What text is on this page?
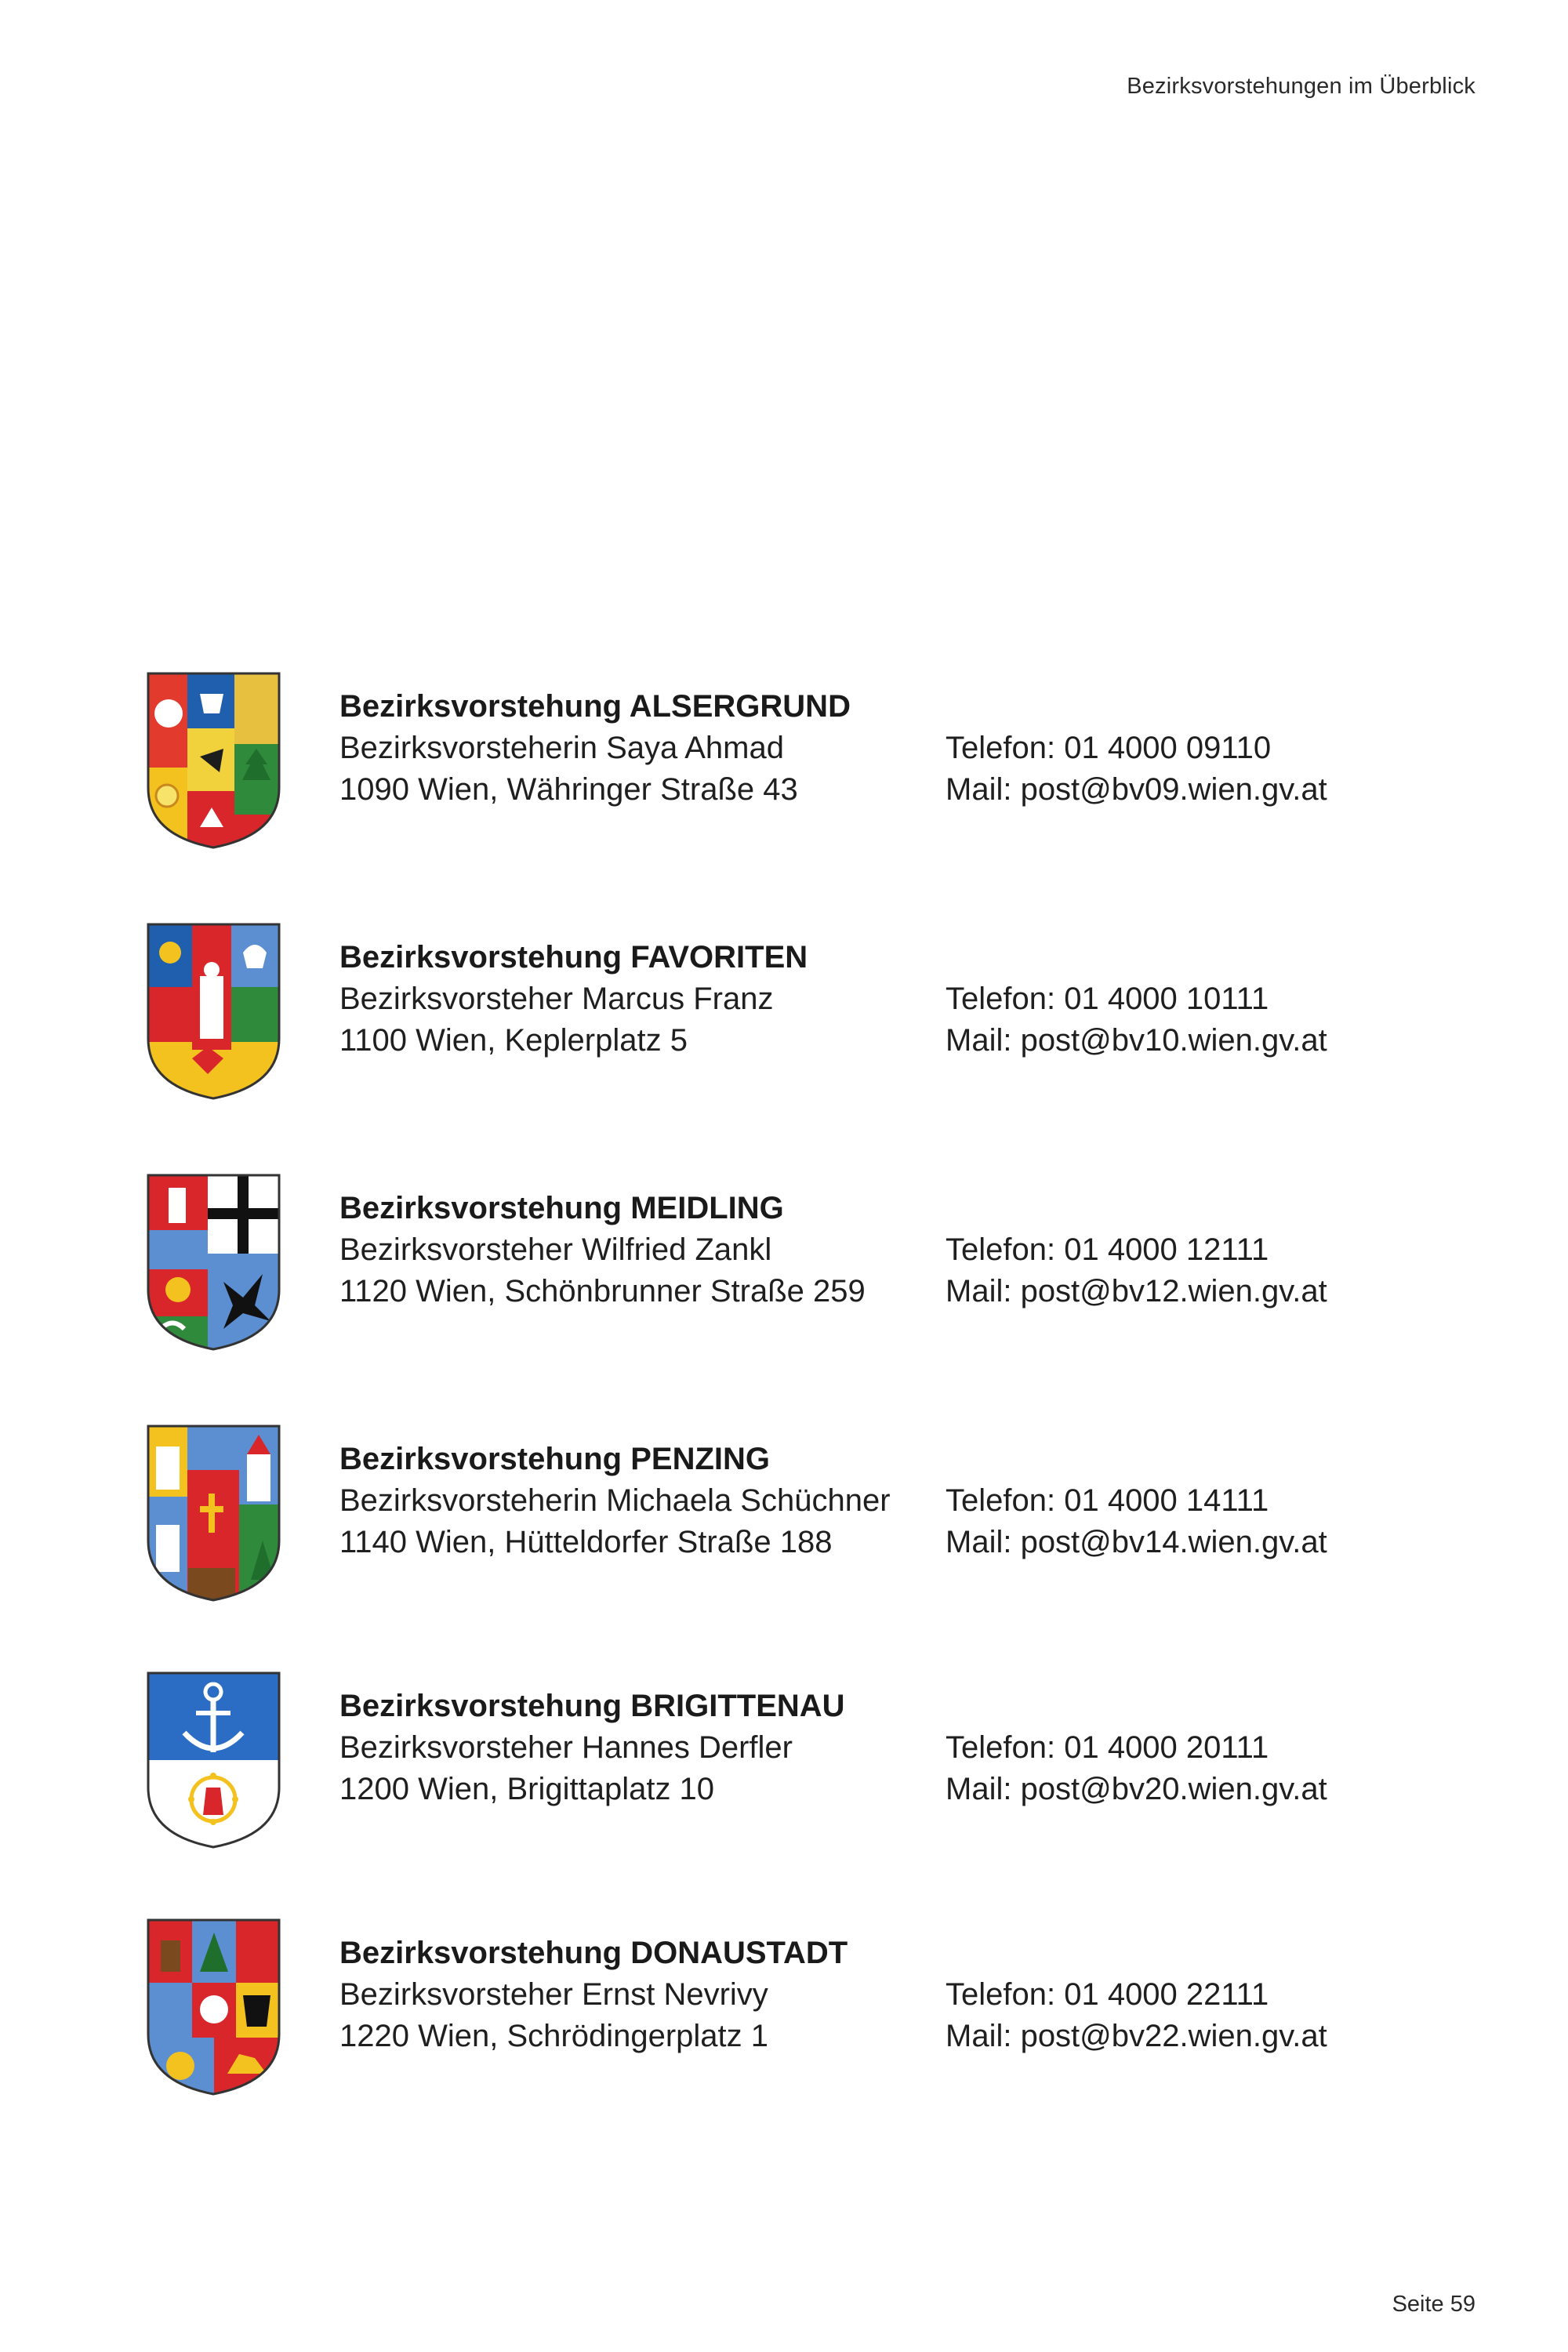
Bezirksvorstehungen im Überblick
Bezirksvorstehung ALSERGRUND
Bezirksvorsteherin Saya Ahmad	Telefon: 01 4000 09110
1090 Wien, Währinger Straße 43	Mail: post@bv09.wien.gv.at
Bezirksvorstehung FAVORITEN
Bezirksvorsteher Marcus Franz	Telefon: 01 4000 10111
1100 Wien, Keplerplatz 5	Mail: post@bv10.wien.gv.at
Bezirksvorstehung MEIDLING
Bezirksvorsteher Wilfried Zankl	Telefon: 01 4000 12111
1120 Wien, Schönbrunner Straße 259	Mail: post@bv12.wien.gv.at
Bezirksvorstehung PENZING
Bezirksvorsteherin Michaela Schüchner Telefon: 01 4000 14111
1140 Wien, Hütteldorfer Straße 188	Mail: post@bv14.wien.gv.at
Bezirksvorstehung BRIGITTENAU
Bezirksvorsteher Hannes Derfler	Telefon: 01 4000 20111
1200 Wien, Brigittaplatz 10	Mail: post@bv20.wien.gv.at
Bezirksvorstehung DONAUSTADT
Bezirksvorsteher Ernst Nevrivy	Telefon: 01 4000 22111
1220 Wien, Schrödingerplatz 1	Mail: post@bv22.wien.gv.at
Seite 59
